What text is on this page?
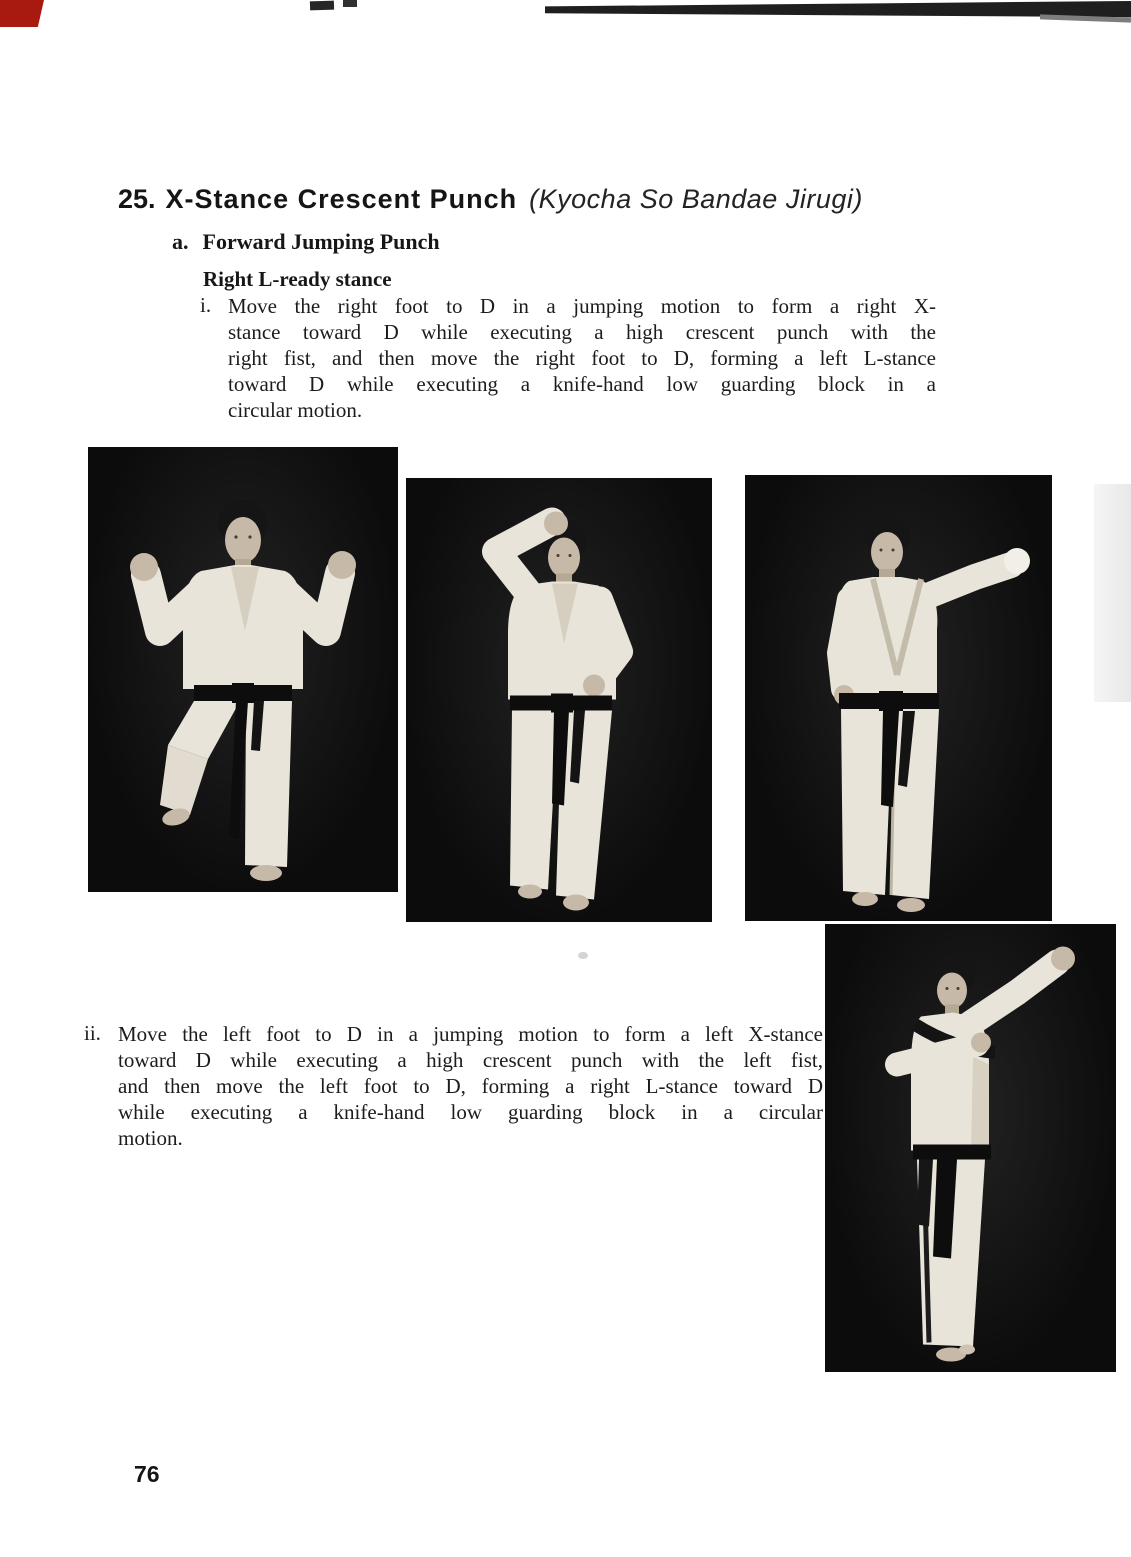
25. X-Stance Crescent Punch (Kyocha So Bandae Jirugi)
a. Forward Jumping Punch
Right L-ready stance
i. Move the right foot to D in a jumping motion to form a right X-
stance toward D while executing a high crescent punch with the
right fist, and then move the right foot to D, forming a left L-stance
toward D while executing a knife-hand low guarding block in a
circular motion.
ii. Move the left foot to D in a jumping motion to form a left X-stance
toward D while executing a high crescent punch with the left fist,
and then move the left foot to D, forming a right L-stance toward D
while executing a knife-hand low guarding block in a circular
motion.
76
